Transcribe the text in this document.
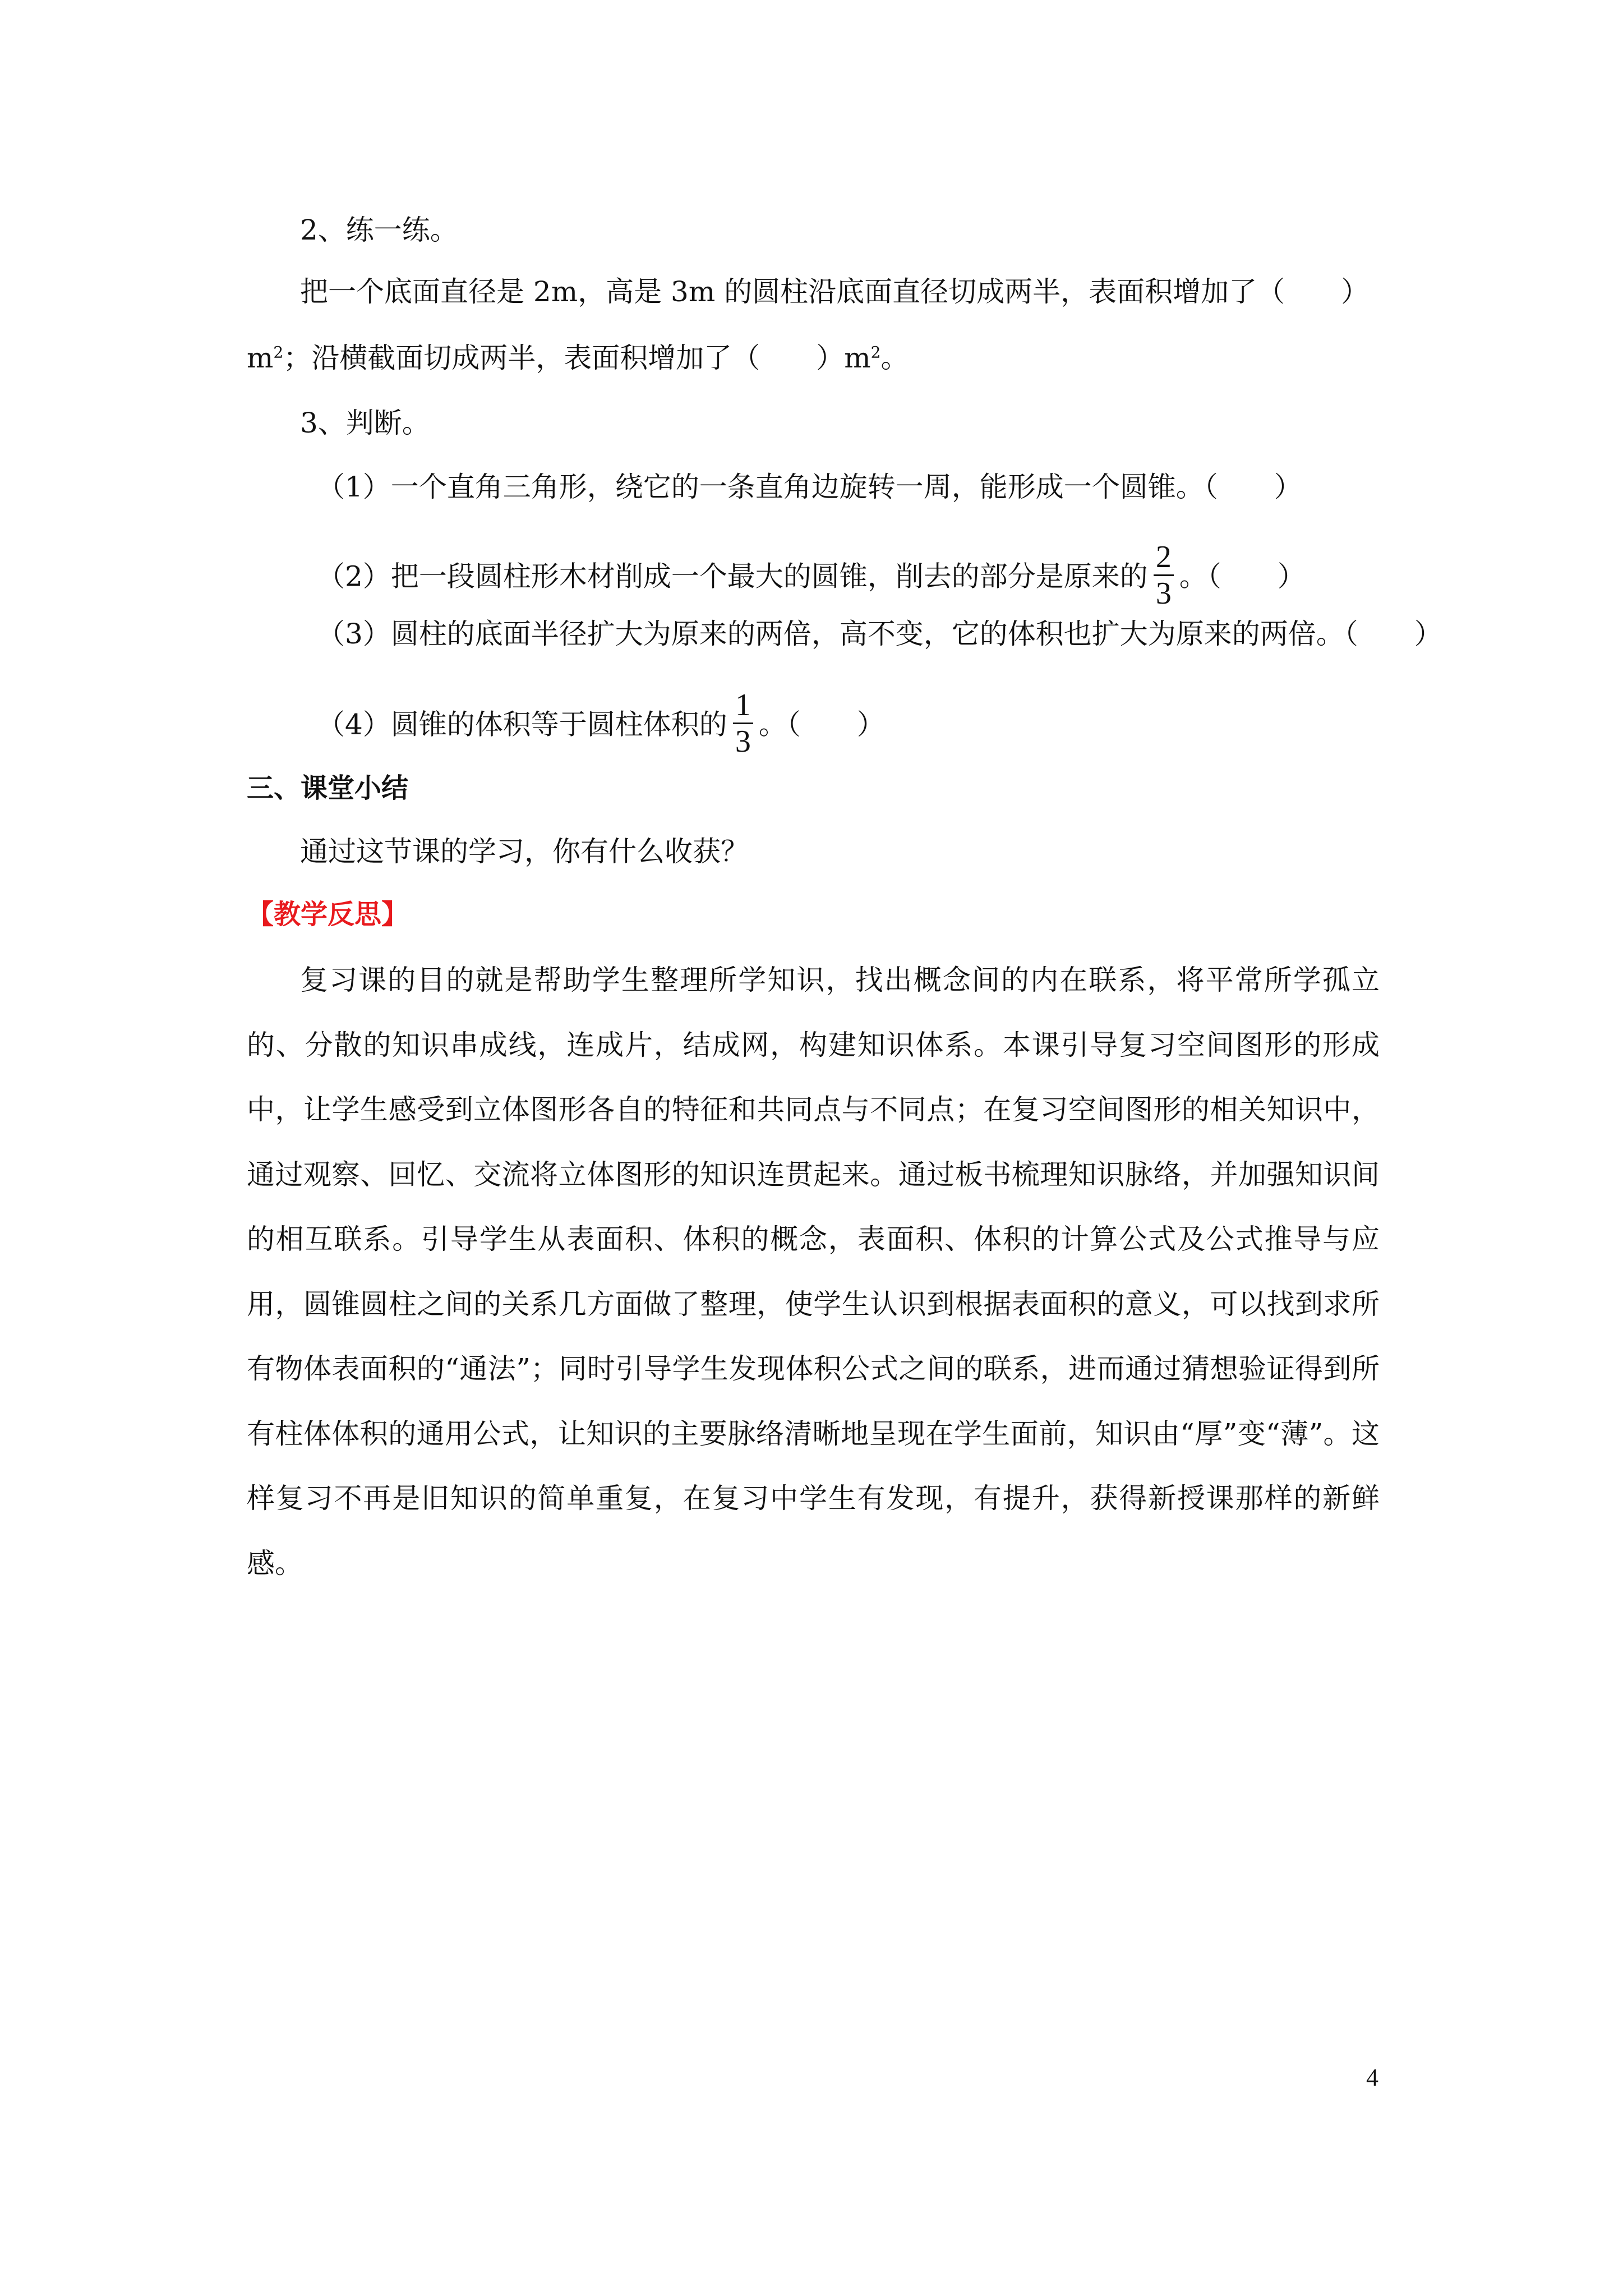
2、练一练。
把一个底面直径是 2m，高是 3m 的圆柱沿底面直径切成两半，表面积增加了（　　）
$m^2$；沿横截面切成两半，表面积增加了（　　）$m^2$。
3、判断。
（1）一个直角三角形，绕它的一条直角边旋转一周，能形成一个圆锥。（　　）
（2）把一段圆柱形木材削成一个最大的圆锥，削去的部分是原来的 $\frac{2}{3}$ 。（　　）
（3）圆柱的底面半径扩大为原来的两倍，高不变，它的体积也扩大为原来的两倍。（　　）
（4）圆锥的体积等于圆柱体积的 $\frac{1}{3}$ 。（　　）
三、课堂小结
通过这节课的学习，你有什么收获？
【教学反思】
复习课的目的就是帮助学生整理所学知识，找出概念间的内在联系，将平常所学孤立的、分散的知识串成线，连成片，结成网，构建知识体系。本课引导复习空间图形的形成中，让学生感受到立体图形各自的特征和共同点与不同点；在复习空间图形的相关知识中，通过观察、回忆、交流将立体图形的知识连贯起来。通过板书梳理知识脉络，并加强知识间的相互联系。引导学生从表面积、体积的概念，表面积、体积的计算公式及公式推导与应用，圆锥圆柱之间的关系几方面做了整理，使学生认识到根据表面积的意义，可以找到求所有物体表面积的“通法”；同时引导学生发现体积公式之间的联系，进而通过猜想验证得到所有柱体体积的通用公式，让知识的主要脉络清晰地呈现在学生面前，知识由“厚”变“薄”。这样复习不再是旧知识的简单重复，在复习中学生有发现，有提升，获得新授课那样的新鲜感。
4
